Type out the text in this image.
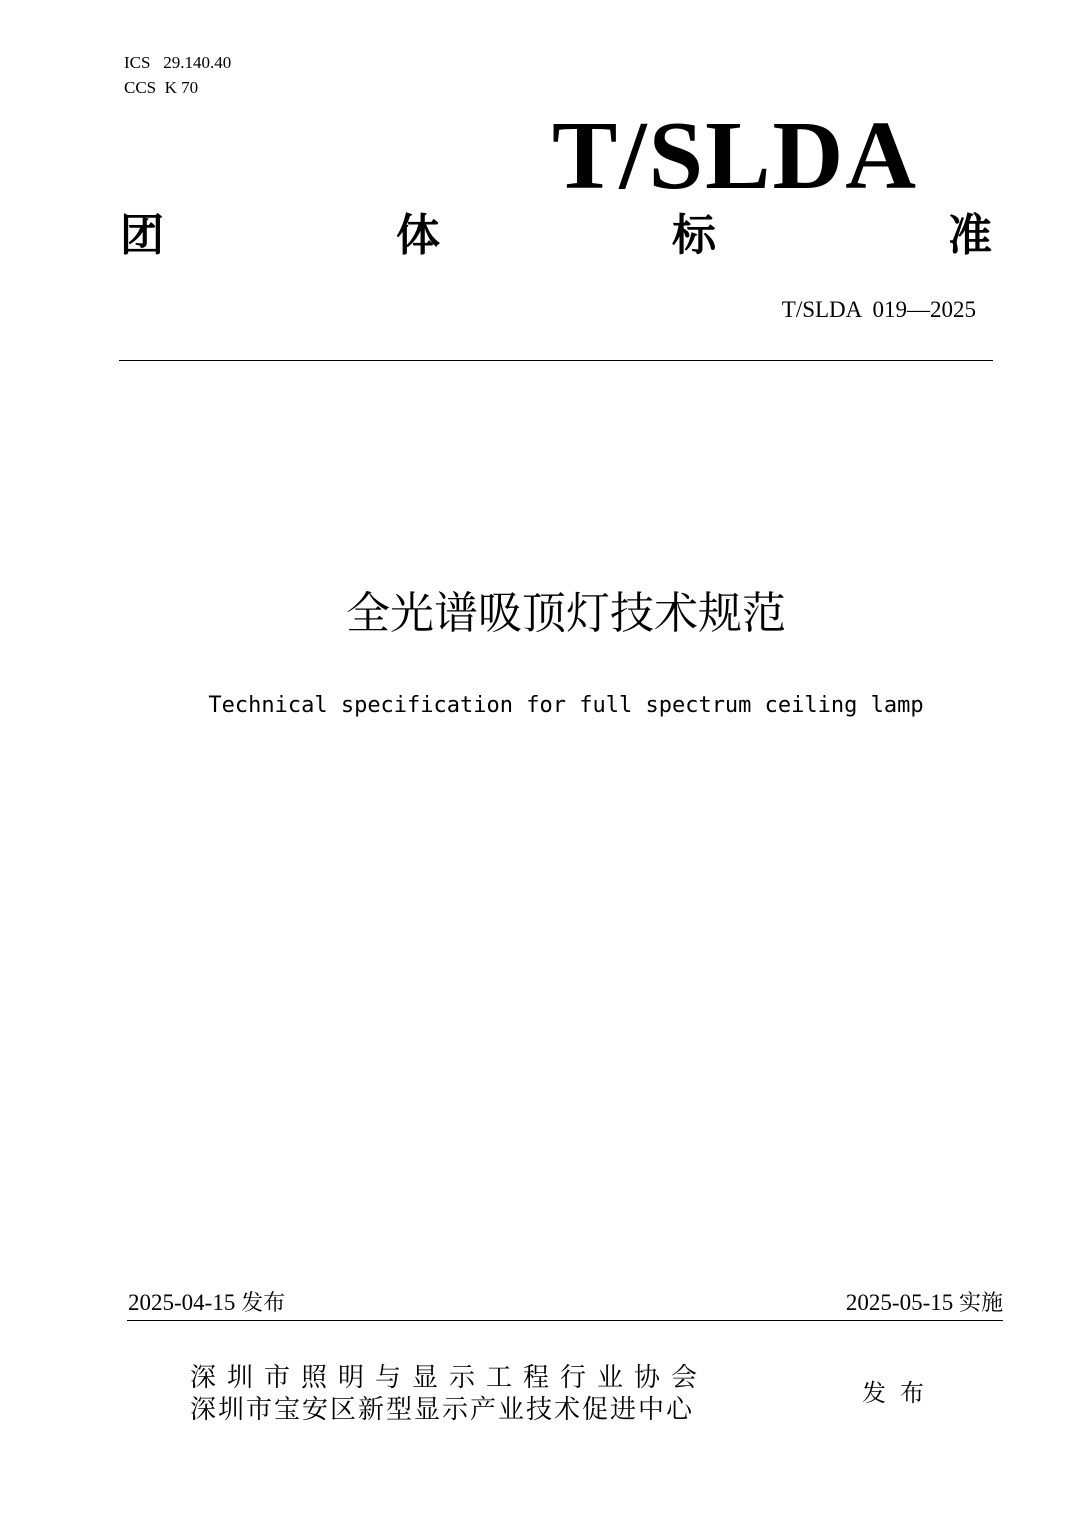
ICS   29.140.40
CCS  K 70
T/SLDA
团	体	标	准
T/SLDA  019—2025
全光谱吸顶灯技术规范
Technical specification for full spectrum ceiling lamp
2025-04-15 发布	2025-05-15 实施
深圳市照明与显示工程行业协会
深圳市宝安区新型显示产业技术促进中心
发布
